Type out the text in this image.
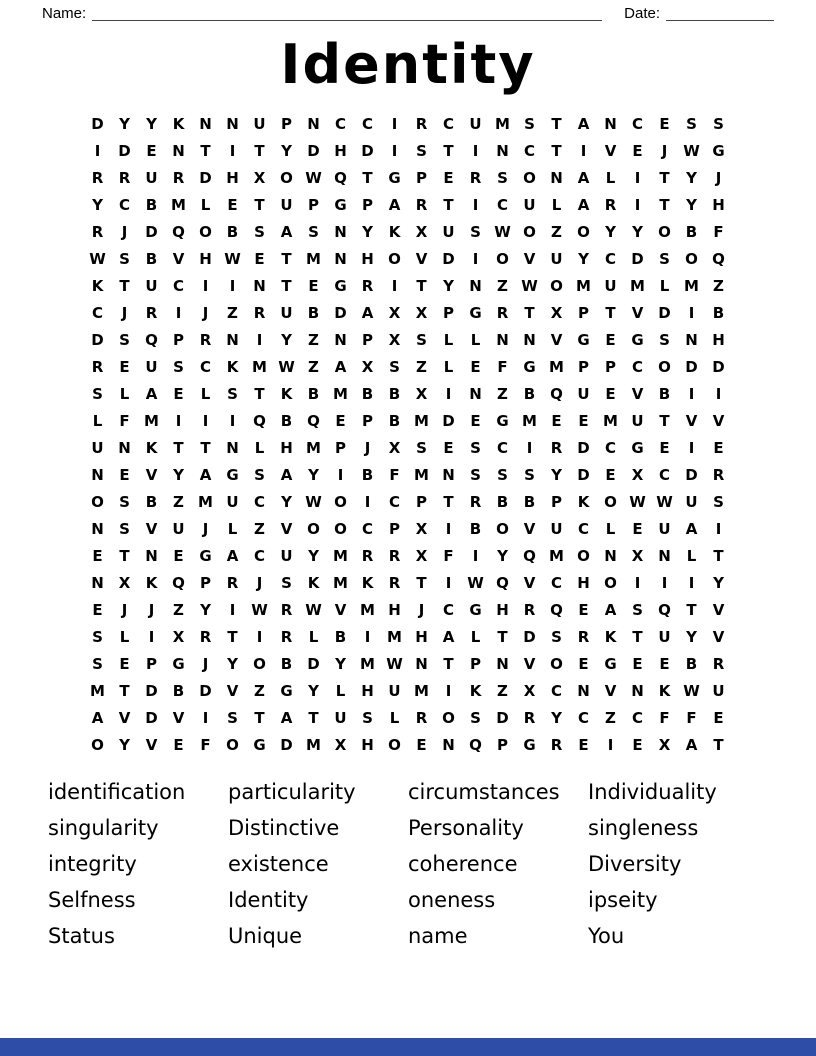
Name:	Date:
Identity
D	Y	Y	K N N U	P	N	C	C	I	R	C	U M S	T	A N	C	E	S	S
I	D	E	N	T	I	T	Y	D H D	I	S	T	I	N	C	T	I	V	E	J	W G
R	R	U	R D H X O W Q	T	G	P	E	R	S	O N A	L	I	T	Y	J
Y	C	B M L	E	T	U	P	G	P	A	R	T	I	C	U	L	A	R	I	T	Y	H
R	J	D Q O B	S	A	S	N	Y	K	X	U	S W O	Z	O	Y	Y	O B	F
W S	B	V H W E	T M N H O V D	I	O V	U	Y	C	D	S	O Q
K	T	U	C	I	I	N	T	E	G	R	I	T	Y	N	Z W O M U M L M Z
C	J	R	I	J	Z	R	U	B	D A	X	X	P	G	R	T	X	P	T	V D	I	B
D	S	Q	P	R N	I	Y	Z	N	P	X	S	L	L	N N V	G	E	G	S	N H
R	E	U	S	C	K M W Z	A	X	S	Z	L	E	F	G M P	P	C	O D D
S	L	A	E	L	S	T	K	B M B	B	X	I	N	Z	B Q U	E	V	B	I	I
L	F M	I	I	I	Q B Q	E	P	B M D	E	G M E	E M U	T	V	V
U N K	T	T	N	L	H M P	J	X	S	E	S	C	I	R D	C	G	E	I	E
N	E	V	Y	A	G	S	A	Y	I	B	F M N	S	S	S	Y	D	E	X	C	D	R
O	S	B	Z M U	C	Y W O	I	C	P	T	R	B	B	P	K O W W U	S
N	S	V	U	J	L	Z	V O O	C	P	X	I	B O V	U	C	L	E	U	A	I
E	T	N	E	G	A	C	U	Y M R	R	X	F	I	Y	Q M O N X N	L	T
N X	K Q	P	R	J	S	K M K	R	T	I	W Q V	C	H O	I	I	I	Y
E	J	J	Z	Y	I	W R W V M H	J	C	G H R Q	E	A	S	Q	T	V
S	L	I	X	R	T	I	R	L	B	I	M H A	L	T	D	S	R	K	T	U	Y	V
S	E	P	G	J	Y	O B	D	Y M W N	T	P	N V O	E	G	E	E	B	R
M T	D	B	D V	Z	G	Y	L	H U M	I	K	Z	X	C	N V N K W U
A	V D V	I	S	T	A	T	U	S	L	R O	S	D	R	Y	C	Z	C	F	F	E
O	Y	V	E	F	O G D M X H O	E	N Q	P	G	R	E	I	E	X	A	T
identification
singularity
integrity
Selfness
Status
particularity
Distinctive
existence
Identity
Unique
circumstances
Personality
coherence
oneness
name
Individuality
singleness
Diversity
ipseity
You
